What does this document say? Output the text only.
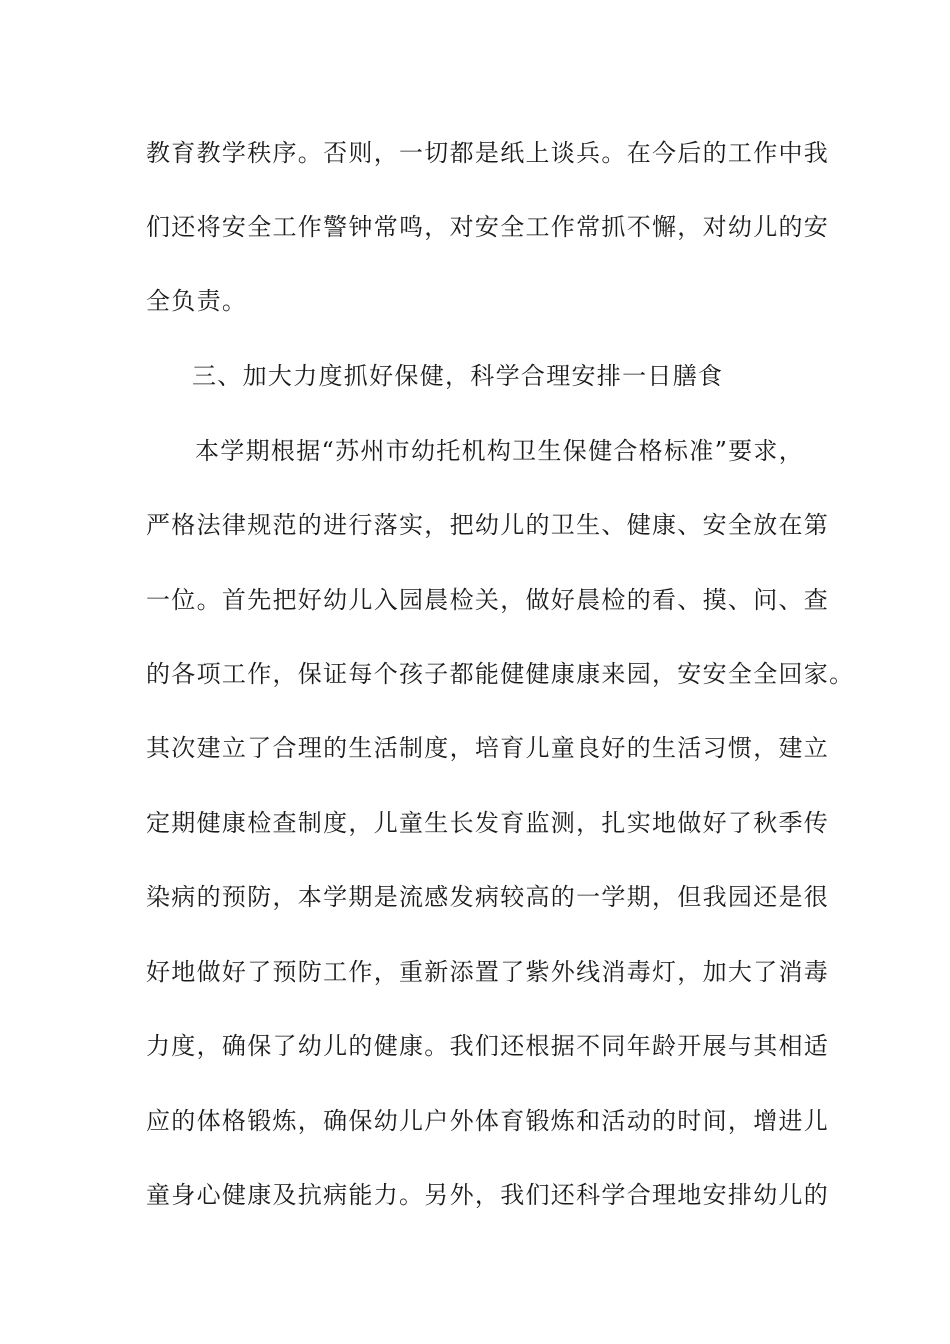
教育教学秩序。否则，一切都是纸上谈兵。在今后的工作中我
们还将安全工作警钟常鸣，对安全工作常抓不懈，对幼儿的安
全负责。
三、加大力度抓好保健，科学合理安排一日膳食
本学期根据“苏州市幼托机构卫生保健合格标准”要求，
严格法律规范的进行落实，把幼儿的卫生、健康、安全放在第
一位。首先把好幼儿入园晨检关，做好晨检的看、摸、问、查
的各项工作，保证每个孩子都能健健康康来园，安安全全回家。
其次建立了合理的生活制度，培育儿童良好的生活习惯，建立
定期健康检查制度，儿童生长发育监测，扎实地做好了秋季传
染病的预防，本学期是流感发病较高的一学期，但我园还是很
好地做好了预防工作，重新添置了紫外线消毒灯，加大了消毒
力度，确保了幼儿的健康。我们还根据不同年龄开展与其相适
应的体格锻炼，确保幼儿户外体育锻炼和活动的时间，增进儿
童身心健康及抗病能力。另外，我们还科学合理地安排幼儿的
